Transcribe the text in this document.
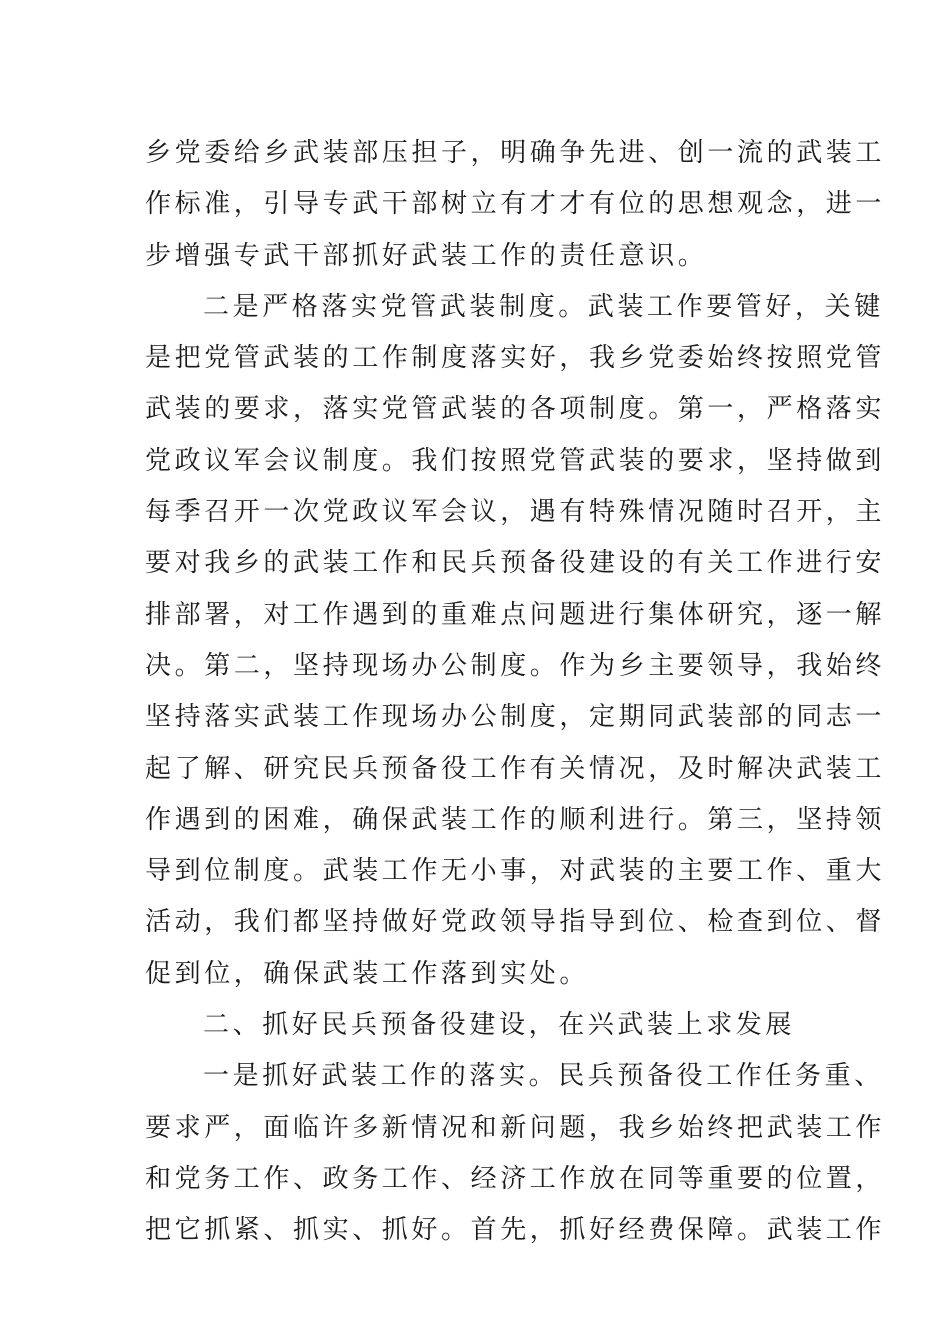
乡党委给乡武装部压担子，明确争先进、创一流的武装工
作标准，引导专武干部树立有才才有位的思想观念，进一
步增强专武干部抓好武装工作的责任意识。
二是严格落实党管武装制度。武装工作要管好，关键
是把党管武装的工作制度落实好，我乡党委始终按照党管
武装的要求，落实党管武装的各项制度。第一，严格落实
党政议军会议制度。我们按照党管武装的要求，坚持做到
每季召开一次党政议军会议，遇有特殊情况随时召开，主
要对我乡的武装工作和民兵预备役建设的有关工作进行安
排部署，对工作遇到的重难点问题进行集体研究，逐一解
决。第二，坚持现场办公制度。作为乡主要领导，我始终
坚持落实武装工作现场办公制度，定期同武装部的同志一
起了解、研究民兵预备役工作有关情况，及时解决武装工
作遇到的困难，确保武装工作的顺利进行。第三，坚持领
导到位制度。武装工作无小事，对武装的主要工作、重大
活动，我们都坚持做好党政领导指导到位、检查到位、督
促到位，确保武装工作落到实处。
二、抓好民兵预备役建设，在兴武装上求发展
一是抓好武装工作的落实。民兵预备役工作任务重、
要求严，面临许多新情况和新问题，我乡始终把武装工作
和党务工作、政务工作、经济工作放在同等重要的位置，
把它抓紧、抓实、抓好。首先，抓好经费保障。武装工作
